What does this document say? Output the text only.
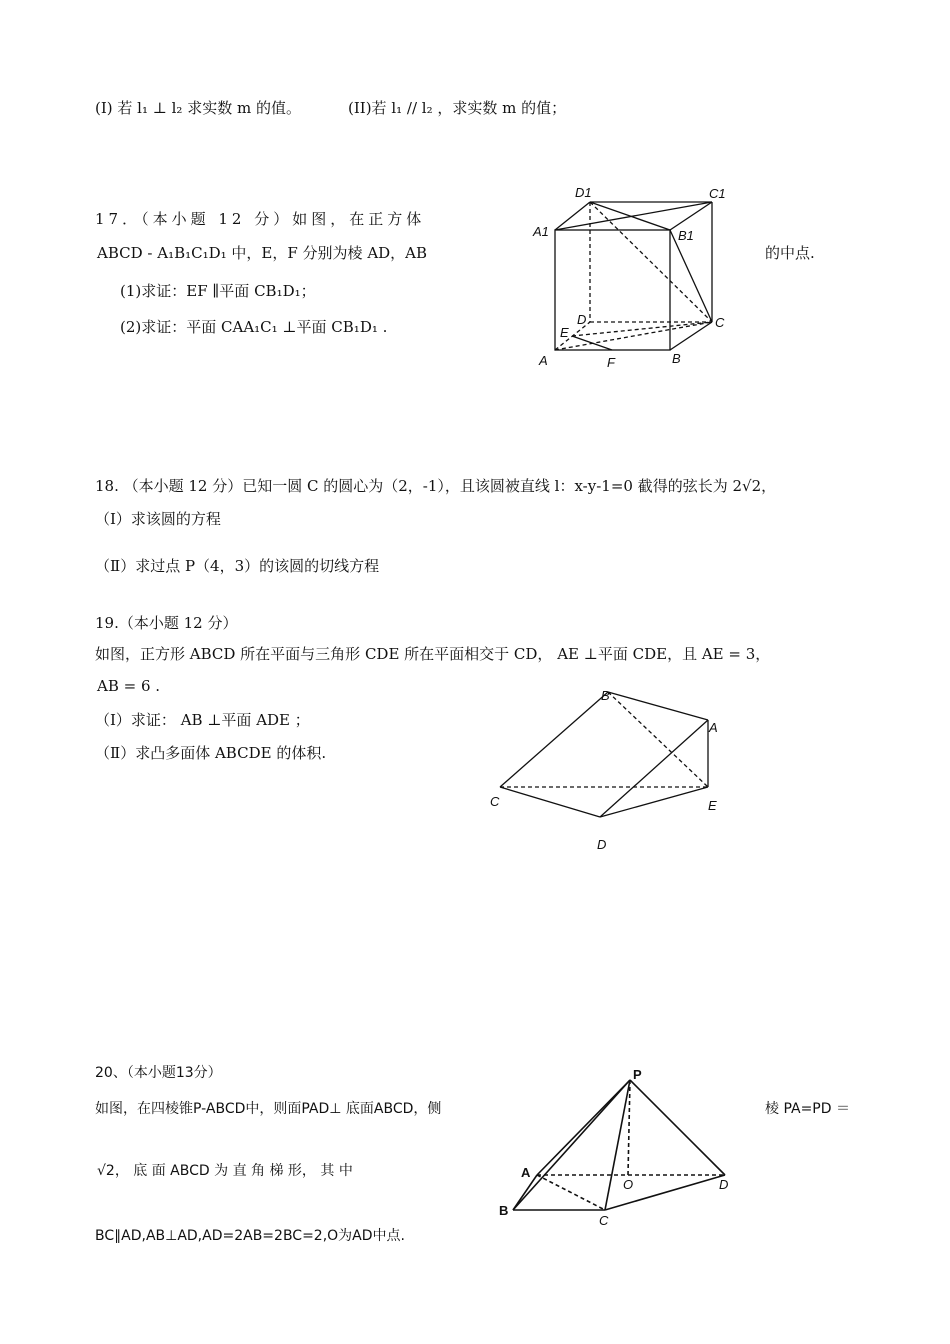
(I) 若 l₁ ⊥ l₂ 求实数 m 的值。	(II)若 l₁ // l₂ ，求实数 m 的值；
17．（本小题 12 分）如图，在正方体
ABCD - A₁B₁C₁D₁ 中，E，F 分别为棱 AD，AB	的中点.
(1)求证：EF ∥平面 CB₁D₁；
(2)求证：平面 CAA₁C₁ ⊥平面 CB₁D₁ .
D1	C1
A1	B1
D	C
E
A	F	B
18. （本小题 12 分）已知一圆 C 的圆心为（2，-1），且该圆被直线 l：x-y-1=0 截得的弦长为 2√2，
（Ⅰ）求该圆的方程
（Ⅱ）求过点 P（4，3）的该圆的切线方程
19.（本小题 12 分）
如图，正方形 ABCD 所在平面与三角形 CDE 所在平面相交于 CD， AE ⊥平面 CDE，且 AE = 3，
AB = 6 .
（Ⅰ）求证： AB ⊥平面 ADE ；
（Ⅱ）求凸多面体 ABCDE 的体积.
B
A
C	E
D
20、（本小题13分）
如图，在四棱锥P-ABCD中，则面PAD⊥ 底面ABCD，侧	棱 PA=PD ＝
√2， 底 面 ABCD 为 直 角 梯 形， 其 中
BC∥AD,AB⊥AD,AD=2AB=2BC=2,O为AD中点.
P
A
O	D
B
C
